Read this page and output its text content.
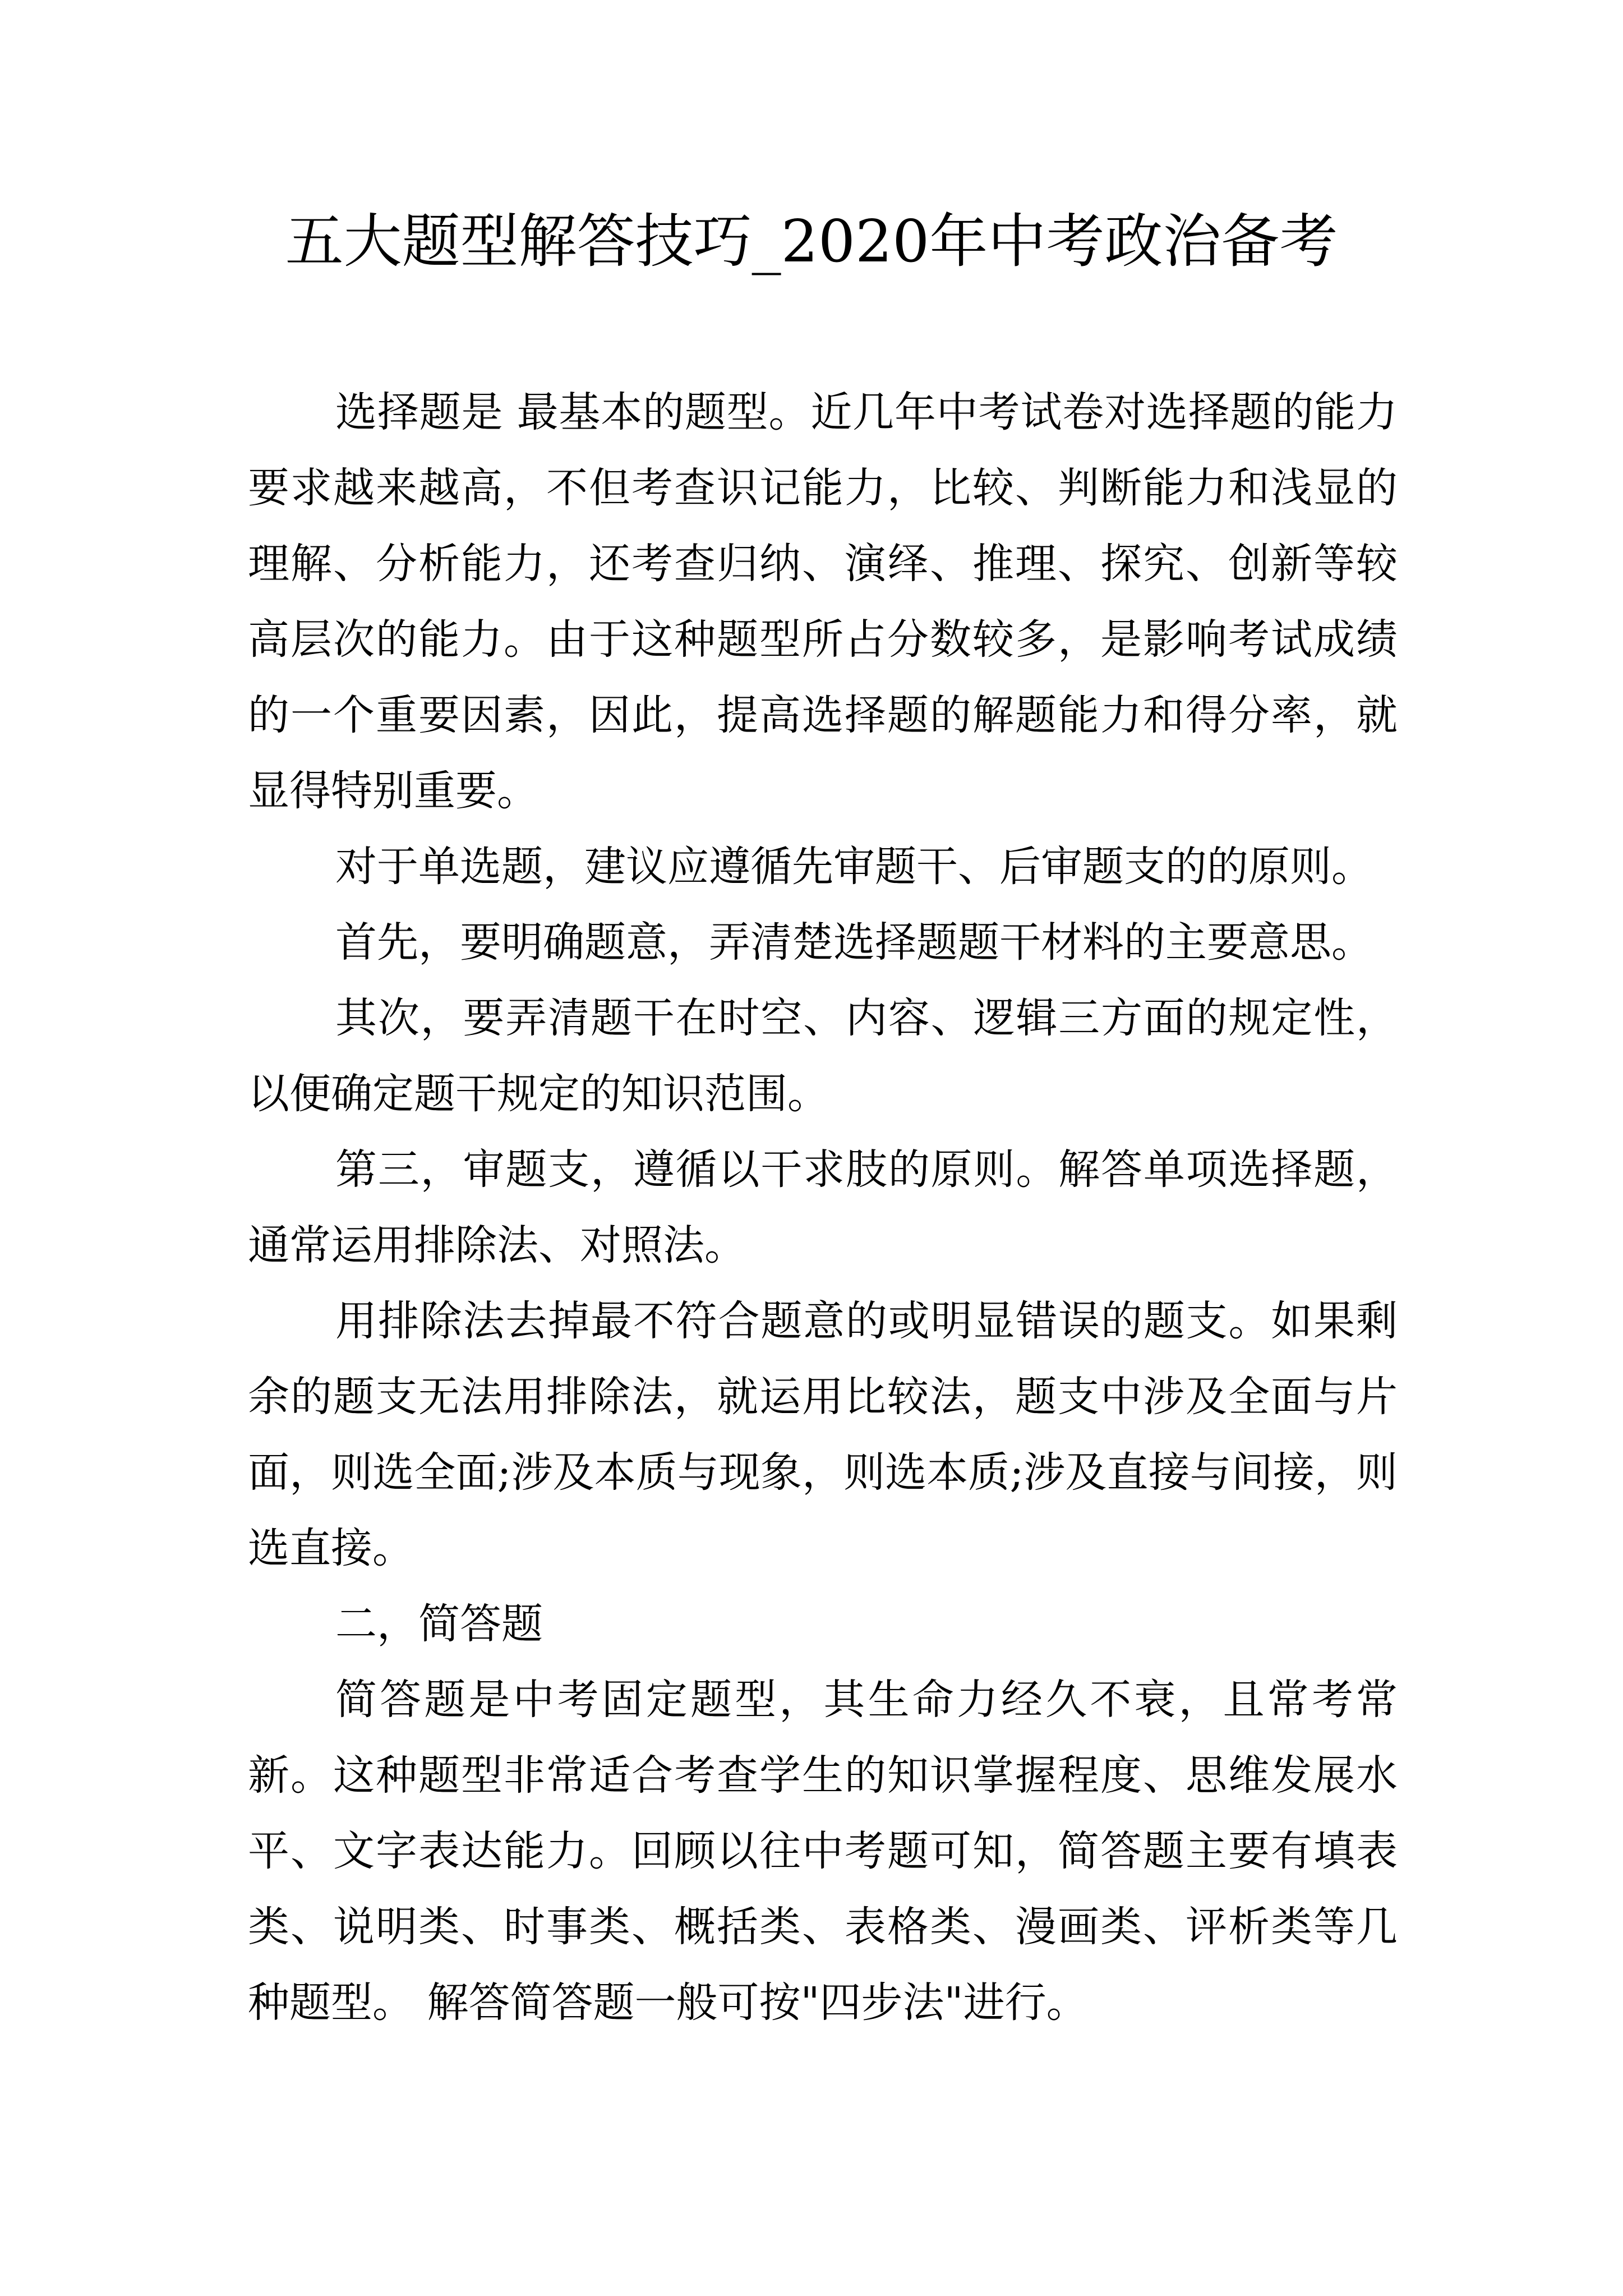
五大题型解答技巧_2020年中考政治备考

选择题是 最基本的题型。近几年中考试卷对选择题的能力要求越来越高，不但考查识记能力，比较、判断能力和浅显的理解、分析能力，还考查归纳、演绎、推理、探究、创新等较高层次的能力。由于这种题型所占分数较多，是影响考试成绩的一个重要因素，因此，提高选择题的解题能力和得分率，就显得特别重要。

对于单选题，建议应遵循先审题干、后审题支的的原则。

首先，要明确题意，弄清楚选择题题干材料的主要意思。

其次，要弄清题干在时空、内容、逻辑三方面的规定性，以便确定题干规定的知识范围。

第三，审题支，遵循以干求肢的原则。解答单项选择题，通常运用排除法、对照法。

用排除法去掉最不符合题意的或明显错误的题支。如果剩余的题支无法用排除法，就运用比较法，题支中涉及全面与片面，则选全面;涉及本质与现象，则选本质;涉及直接与间接，则选直接。

二，简答题

简答题是中考固定题型，其生命力经久不衰，且常考常新。这种题型非常适合考查学生的知识掌握程度、思维发展水平、文字表达能力。回顾以往中考题可知，简答题主要有填表类、说明类、时事类、概括类、表格类、漫画类、评析类等几种题型。 解答简答题一般可按"四步法"进行。
